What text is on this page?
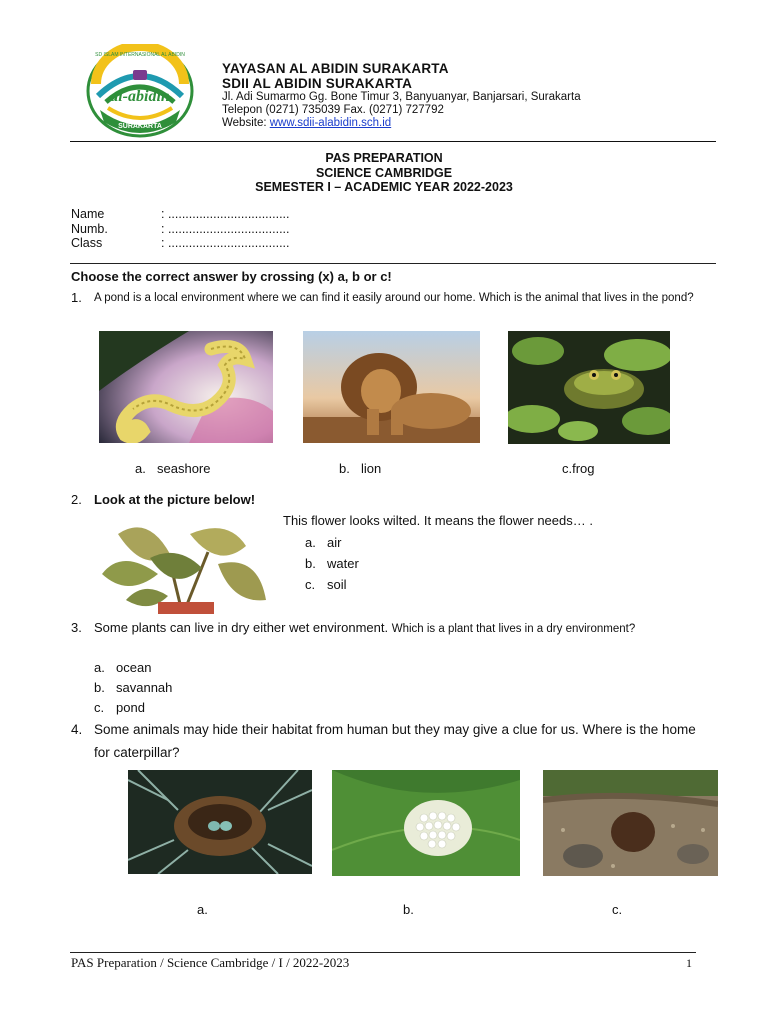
al-abidin
SURAKARTA
SD ISLAM INTERNASIONAL AL ABIDIN
YAYASAN AL ABIDIN SURAKARTA
SDII AL ABIDIN SURAKARTA
Jl. Adi Sumarmo Gg. Bone Timur 3, Banyuanyar, Banjarsari, Surakarta
Telepon (0271) 735039 Fax. (0271) 727792
Website: www.sdii-alabidin.sch.id
PAS PREPARATION
SCIENCE CAMBRIDGE
SEMESTER I – ACADEMIC YEAR 2022-2023
Name	: ...................................
Numb.	: ...................................
Class	: ...................................
Choose the correct answer by crossing (x) a, b or c!
1. A pond is a local environment where we can find it easily around our home. Which is the animal that lives in the pond?
a. seashore	b. lion	c.frog
2. Look at the picture below!
This flower looks wilted. It means the flower needs… .
a. air
b. water
c. soil
3. Some plants can live in dry either wet environment. Which is a plant that lives in a dry environment?
a. ocean
b. savannah
c. pond
4. Some animals may hide their habitat from human but they may give a clue for us. Where is the home for caterpillar?
a.	b.	c.
PAS Preparation / Science Cambridge / I / 2022-2023	1
